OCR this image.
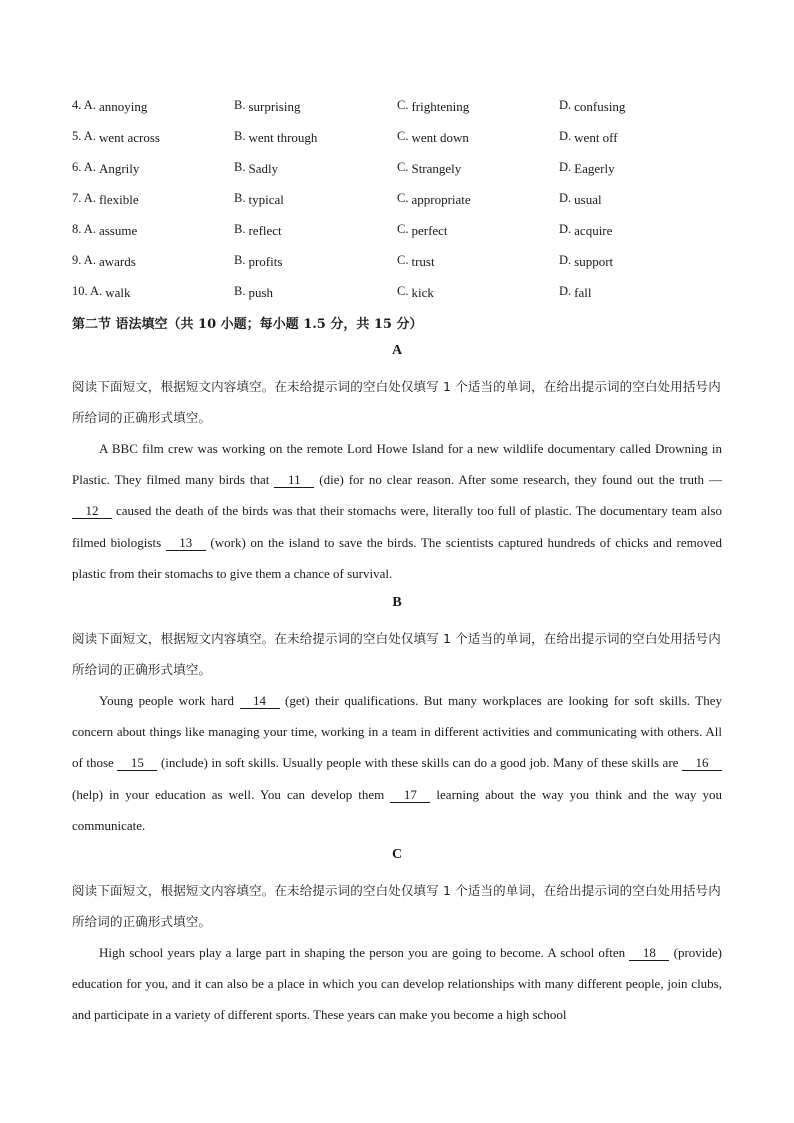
4. A. annoying	B. surprising	C. frightening	D. confusing
5. A. went across	B. went through	C. went down	D. went off
6. A. Angrily	B. Sadly	C. Strangely	D. Eagerly
7. A. flexible	B. typical	C. appropriate	D. usual
8. A. assume	B. reflect	C. perfect	D. acquire
9. A. awards	B. profits	C. trust	D. support
10. A. walk	B. push	C. kick	D. fall
第二节 语法填空（共 10 小题；每小题 1.5 分，共 15 分）
A
阅读下面短文，根据短文内容填空。在未给提示词的空白处仅填写 1 个适当的单词，在给出提示词的空白处用括号内所给词的正确形式填空。
A BBC film crew was working on the remote Lord Howe Island for a new wildlife documentary called Drowning in Plastic. They filmed many birds that 11 (die) for no clear reason. After some research, they found out the truth — 12 caused the death of the birds was that their stomachs were, literally too full of plastic. The documentary team also filmed biologists 13 (work) on the island to save the birds. The scientists captured hundreds of chicks and removed plastic from their stomachs to give them a chance of survival.
B
阅读下面短文，根据短文内容填空。在未给提示词的空白处仅填写 1 个适当的单词，在给出提示词的空白处用括号内所给词的正确形式填空。
Young people work hard 14 (get) their qualifications. But many workplaces are looking for soft skills. They concern about things like managing your time, working in a team in different activities and communicating with others. All of those 15 (include) in soft skills. Usually people with these skills can do a good job. Many of these skills are 16 (help) in your education as well. You can develop them 17 learning about the way you think and the way you communicate.
C
阅读下面短文，根据短文内容填空。在未给提示词的空白处仅填写 1 个适当的单词，在给出提示词的空白处用括号内所给词的正确形式填空。
High school years play a large part in shaping the person you are going to become. A school often 18 (provide) education for you, and it can also be a place in which you can develop relationships with many different people, join clubs, and participate in a variety of different sports. These years can make you become a high school
